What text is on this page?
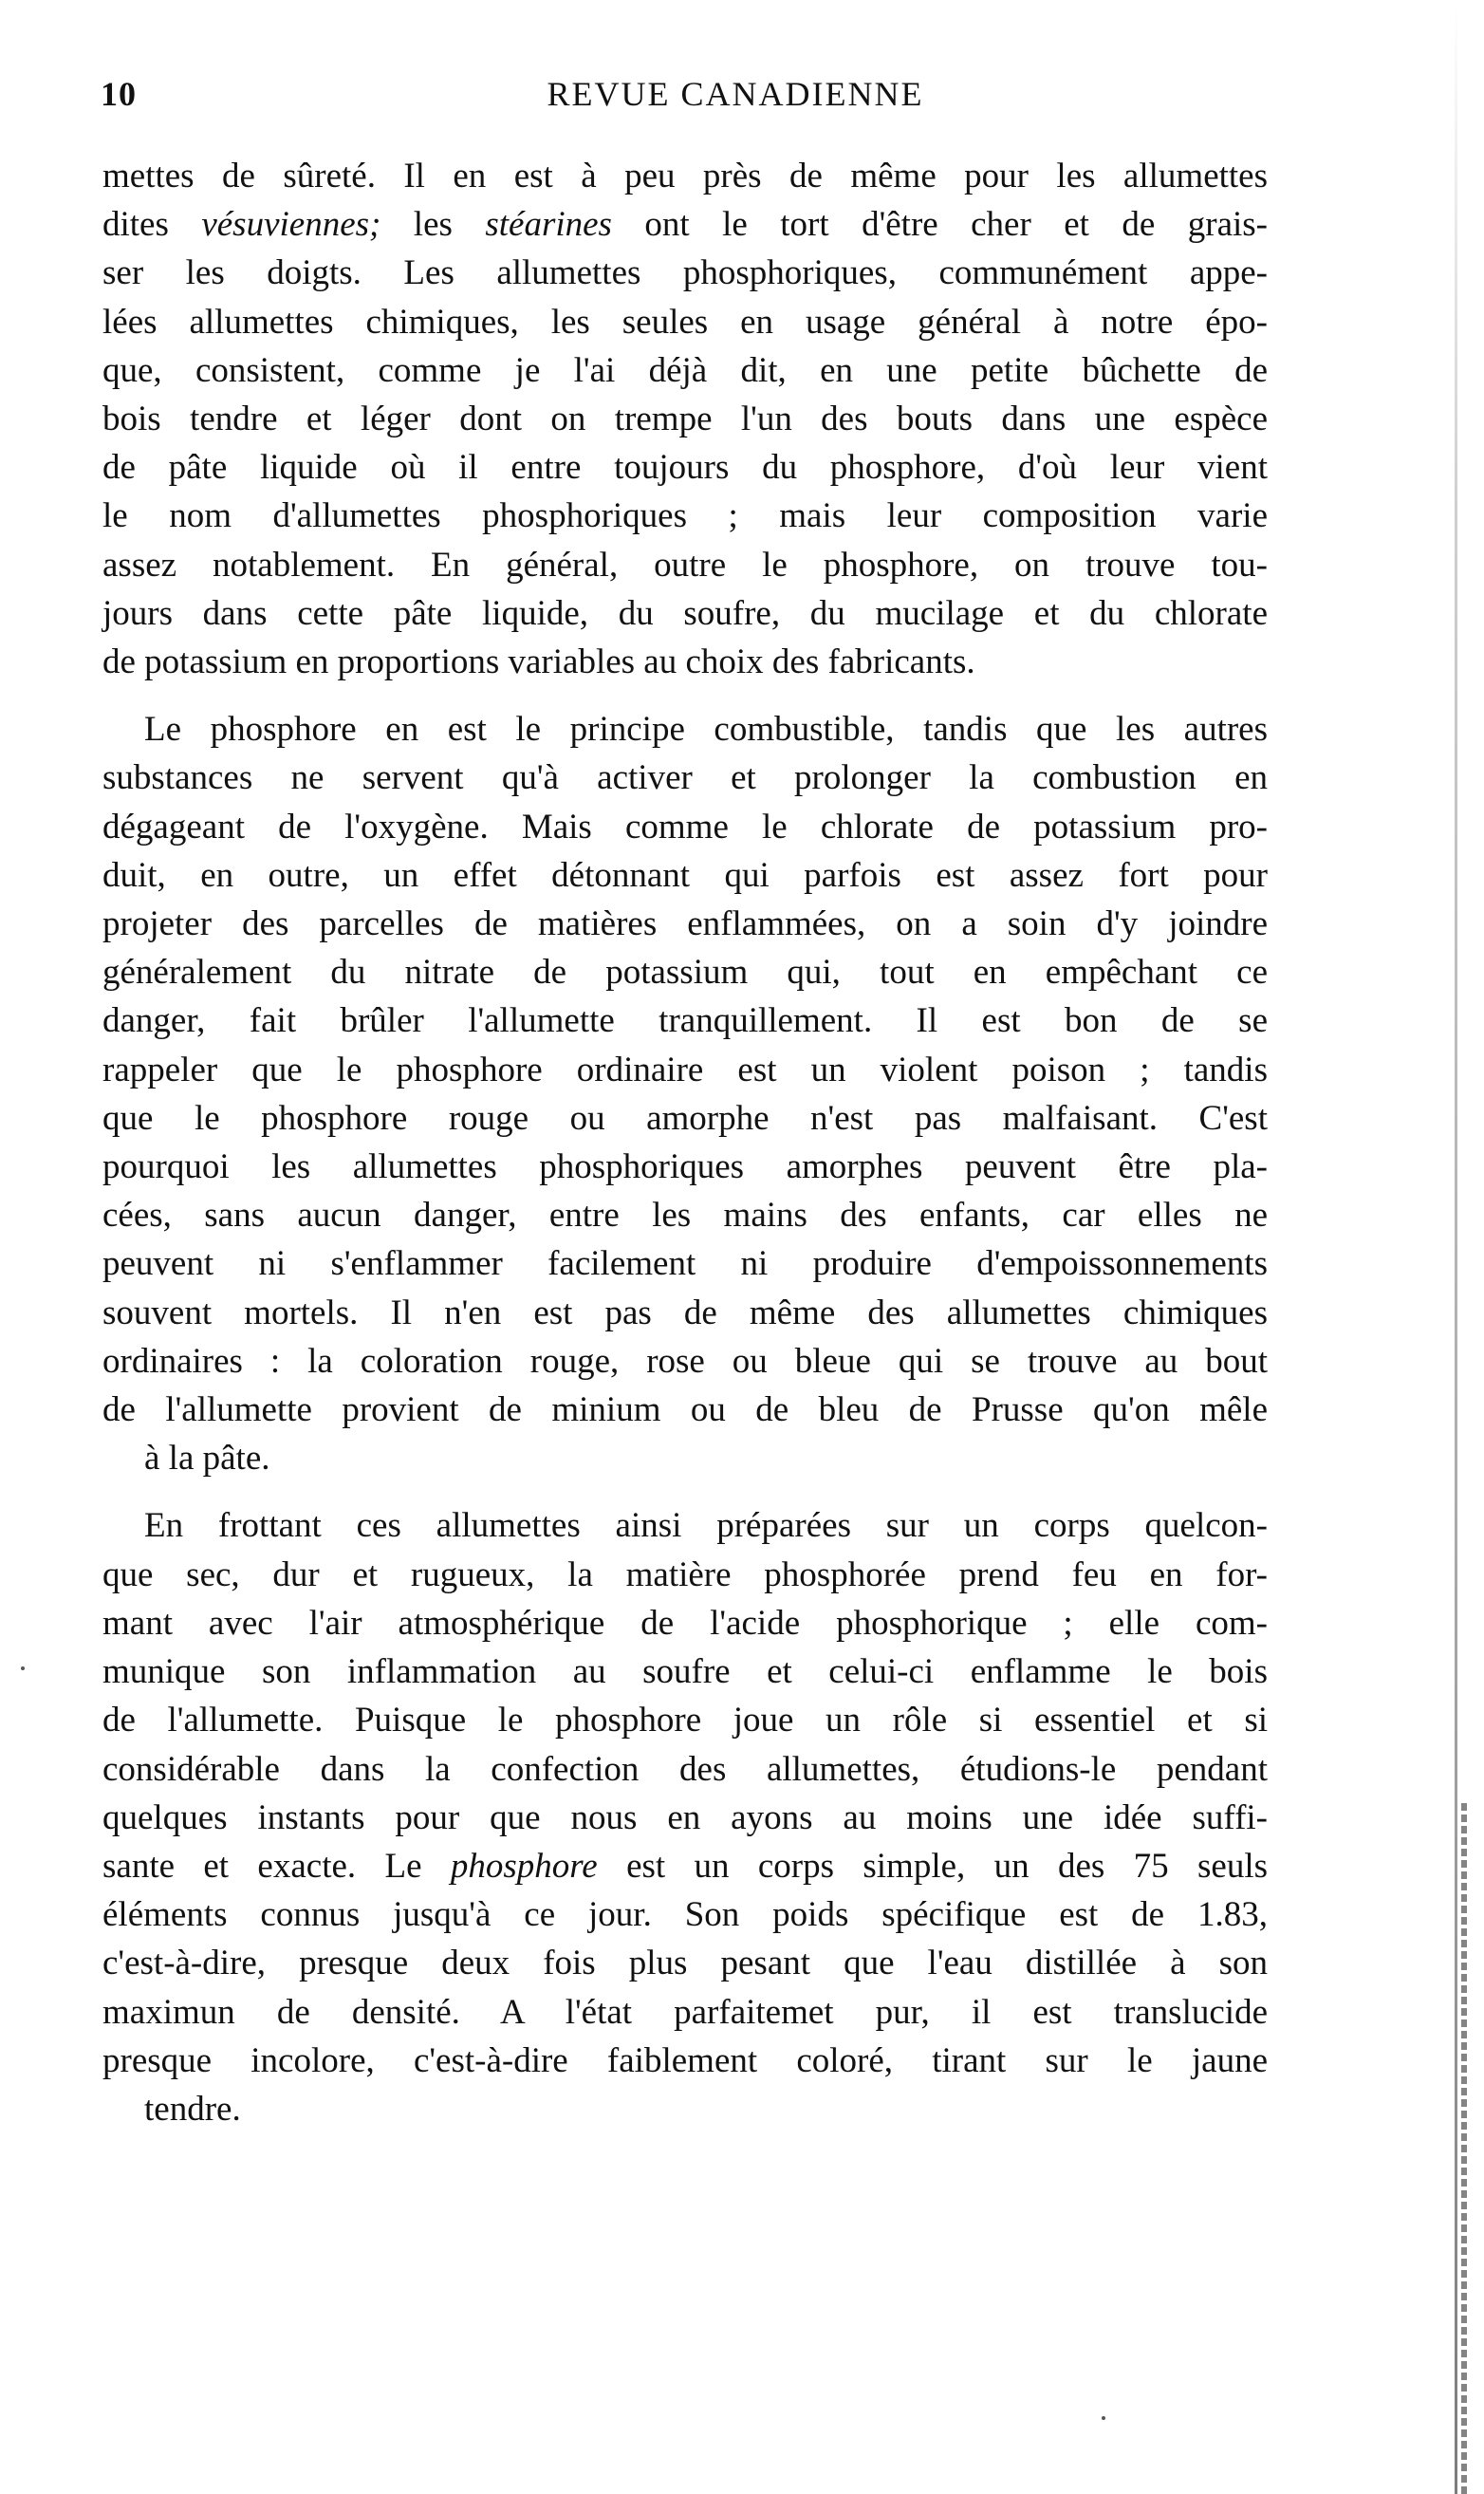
10	REVUE CANADIENNE

mettes de sûreté. Il en est à peu près de même pour les allumettes
dites vésuviennes; les stéarines ont le tort d'être cher et de grais-
ser les doigts. Les allumettes phosphoriques, communément appe-
lées allumettes chimiques, les seules en usage général à notre épo-
que, consistent, comme je l'ai déjà dit, en une petite bûchette de
bois tendre et léger dont on trempe l'un des bouts dans une espèce
de pâte liquide où il entre toujours du phosphore, d'où leur vient
le nom d'allumettes phosphoriques ; mais leur composition varie
assez notablement. En général, outre le phosphore, on trouve tou-
jours dans cette pâte liquide, du soufre, du mucilage et du chlorate

de potassium en proportions variables au choix des fabricants.

Le phosphore en est le principe combustible, tandis que les autres
substances ne servent qu'à activer et prolonger la combustion en
dégageant de l'oxygène. Mais comme le chlorate de potassium pro-
duit, en outre, un effet détonnant qui parfois est assez fort pour
projeter des parcelles de matières enflammées, on a soin d'y joindre
généralement du nitrate de potassium qui, tout en empêchant ce
danger, fait brûler l'allumette tranquillement. Il est bon de se
rappeler que le phosphore ordinaire est un violent poison ; tandis
que le phosphore rouge ou amorphe n'est pas malfaisant. C'est
pourquoi les allumettes phosphoriques amorphes peuvent être pla-
cées, sans aucun danger, entre les mains des enfants, car elles ne
peuvent ni s'enflammer facilement ni produire d'empoissonnements
souvent mortels. Il n'en est pas de même des allumettes chimiques
ordinaires : la coloration rouge, rose ou bleue qui se trouve au bout
de l'allumette provient de minium ou de bleu de Prusse qu'on mêle

à la pâte.

En frottant ces allumettes ainsi préparées sur un corps quelcon-
que sec, dur et rugueux, la matière phosphorée prend feu en for-
mant avec l'air atmosphérique de l'acide phosphorique ; elle com-
munique son inflammation au soufre et celui-ci enflamme le bois
de l'allumette. Puisque le phosphore joue un rôle si essentiel et si
considérable dans la confection des allumettes, étudions-le pendant
quelques instants pour que nous en ayons au moins une idée suffi-
sante et exacte. Le phosphore est un corps simple, un des 75 seuls
éléments connus jusqu'à ce jour. Son poids spécifique est de 1.83,
c'est-à-dire, presque deux fois plus pesant que l'eau distillée à son
maximun de densité. A l'état parfaitemet pur, il est translucide
presque incolore, c'est-à-dire faiblement coloré, tirant sur le jaune

tendre.
